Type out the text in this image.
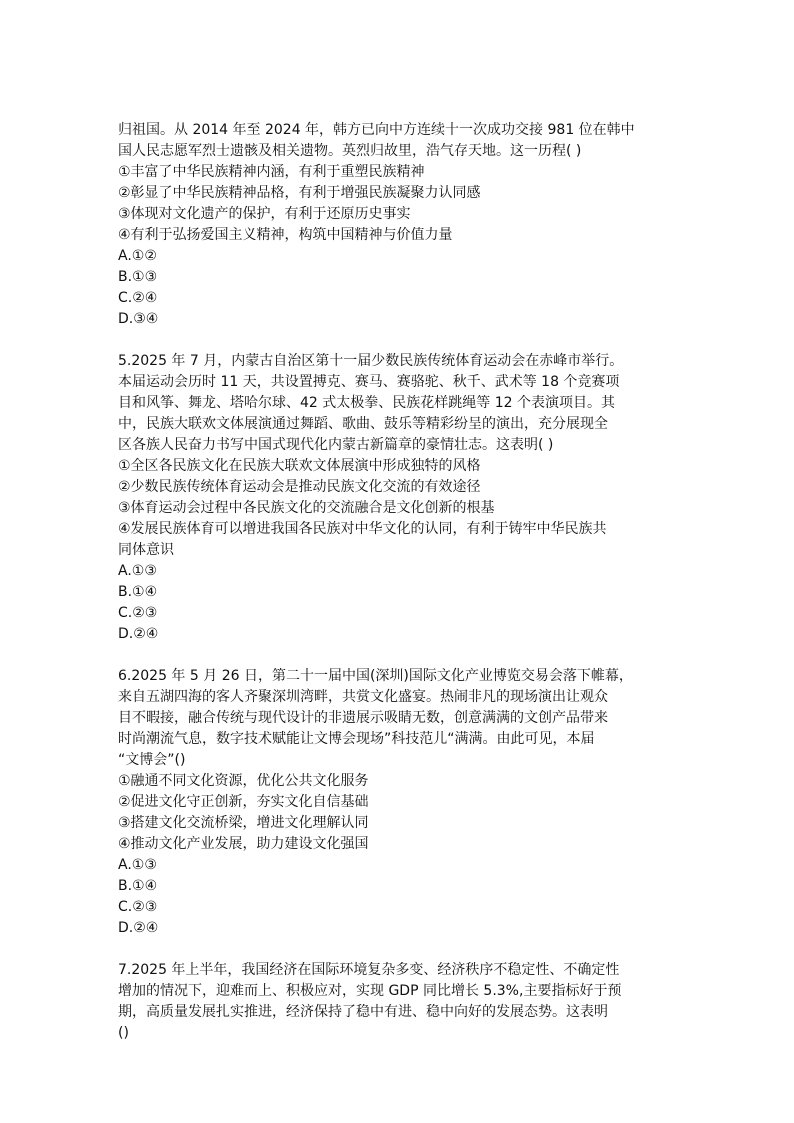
归祖国。从 2014 年至 2024 年，韩方已向中方连续十一次成功交接 981 位在韩中
国人民志愿军烈士遗骸及相关遗物。英烈归故里，浩气存天地。这一历程( )
①丰富了中华民族精神内涵，有利于重塑民族精神
②彰显了中华民族精神品格，有利于增强民族凝聚力认同感
③体现对文化遗产的保护，有利于还原历史事实
④有利于弘扬爱国主义精神，构筑中国精神与价值力量
A.①②
B.①③
C.②④
D.③④
5.2025 年 7 月，内蒙古自治区第十一届少数民族传统体育运动会在赤峰市举行。
本届运动会历时 11 天，共设置搏克、赛马、赛骆驼、秋千、武术等 18 个竞赛项
目和风筝、舞龙、塔哈尔球、42 式太极拳、民族花样跳绳等 12 个表演项目。其
中，民族大联欢文体展演通过舞蹈、歌曲、鼓乐等精彩纷呈的演出，充分展现全
区各族人民奋力书写中国式现代化内蒙古新篇章的豪情壮志。这表明( )
①全区各民族文化在民族大联欢文体展演中形成独特的风格
②少数民族传统体育运动会是推动民族文化交流的有效途径
③体育运动会过程中各民族文化的交流融合是文化创新的根基
④发展民族体育可以增进我国各民族对中华文化的认同，有利于铸牢中华民族共
同体意识
A.①③
B.①④
C.②③
D.②④
6.2025 年 5 月 26 日，第二十一届中国(深圳)国际文化产业博览交易会落下帷幕，
来自五湖四海的客人齐聚深圳湾畔，共赏文化盛宴。热闹非凡的现场演出让观众
目不暇接，融合传统与现代设计的非遗展示吸睛无数，创意满满的文创产品带来
时尚潮流气息，数字技术赋能让文博会现场”科技范儿“满满。由此可见，本届
“文博会”()
①融通不同文化资源，优化公共文化服务
②促进文化守正创新，夯实文化自信基础
③搭建文化交流桥梁，增进文化理解认同
④推动文化产业发展，助力建设文化强国
A.①③
B.①④
C.②③
D.②④
7.2025 年上半年，我国经济在国际环境复杂多变、经济秩序不稳定性、不确定性
增加的情况下，迎难而上、积极应对，实现 GDP 同比增长 5.3%,主要指标好于预
期，高质量发展扎实推进，经济保持了稳中有进、稳中向好的发展态势。这表明
()
